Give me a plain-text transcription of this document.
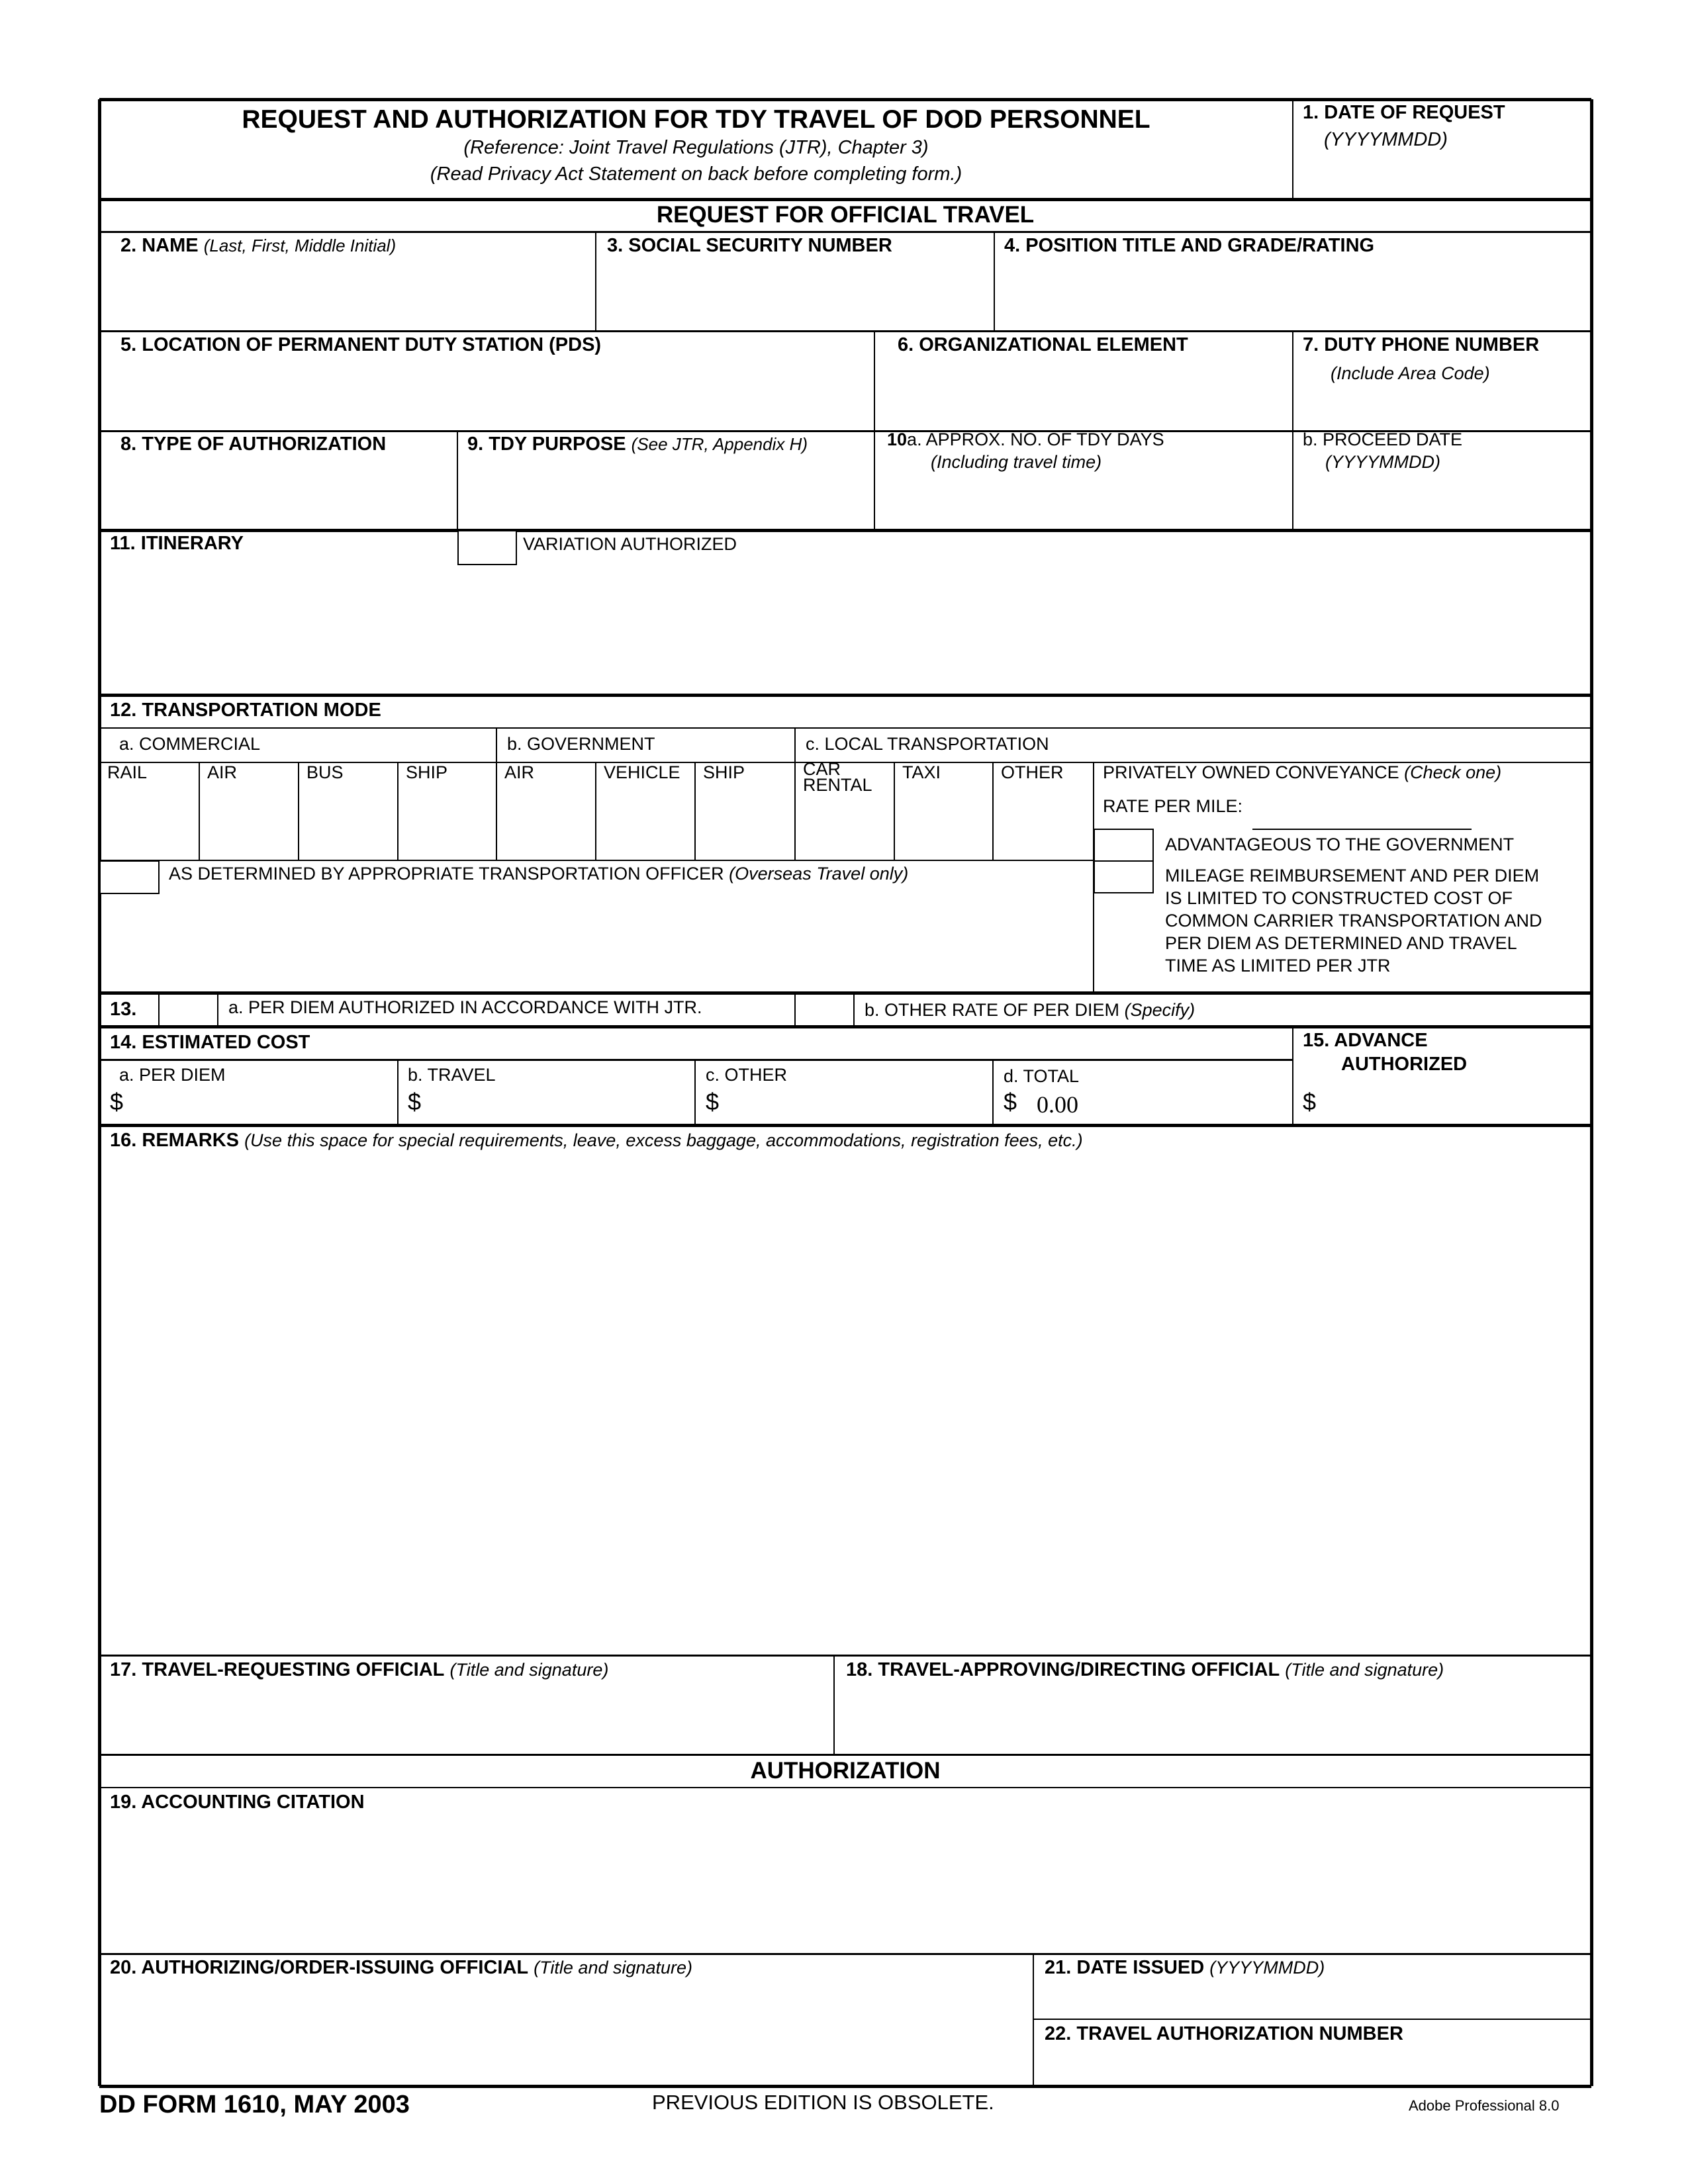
REQUEST AND AUTHORIZATION FOR TDY TRAVEL OF DOD PERSONNEL
(Reference: Joint Travel Regulations (JTR), Chapter 3)
(Read Privacy Act Statement on back before completing form.)
1. DATE OF REQUEST
(YYYYMMDD)
REQUEST FOR OFFICIAL TRAVEL
2. NAME (Last, First, Middle Initial)	3. SOCIAL SECURITY NUMBER	4. POSITION TITLE AND GRADE/RATING
5. LOCATION OF PERMANENT DUTY STATION (PDS)	6. ORGANIZATIONAL ELEMENT	7. DUTY PHONE NUMBER
(Include Area Code)
8. TYPE OF AUTHORIZATION	9. TDY PURPOSE (See JTR, Appendix H)	10a. APPROX. NO. OF TDY DAYS
(Including travel time)
b. PROCEED DATE
(YYYYMMDD)
11. ITINERARY	VARIATION AUTHORIZED
12. TRANSPORTATION MODE
a. COMMERCIAL	b. GOVERNMENT	c. LOCAL TRANSPORTATION
RAIL	AIR	BUS	SHIP	AIR	VEHICLE	SHIP	CAR RENTAL
TAXI	OTHER	PRIVATELY OWNED CONVEYANCE (Check one)
RATE PER MILE:
ADVANTAGEOUS TO THE GOVERNMENT
MILEAGE REIMBURSEMENT AND PER DIEM
IS LIMITED TO CONSTRUCTED COST OF
COMMON CARRIER TRANSPORTATION AND
PER DIEM AS DETERMINED AND TRAVEL
TIME AS LIMITED PER JTR
AS DETERMINED BY APPROPRIATE TRANSPORTATION OFFICER (Overseas Travel only)
13.	a. PER DIEM AUTHORIZED IN ACCORDANCE WITH JTR.	b. OTHER RATE OF PER DIEM (Specify)
14. ESTIMATED COST
a. PER DIEM
$
b. TRAVEL
$
c. OTHER
$
d. TOTAL
$ 0.00
15. ADVANCE
AUTHORIZED
$
16. REMARKS (Use this space for special requirements, leave, excess baggage, accommodations, registration fees, etc.)
17. TRAVEL-REQUESTING OFFICIAL (Title and signature)	18. TRAVEL-APPROVING/DIRECTING OFFICIAL (Title and signature)
AUTHORIZATION
19. ACCOUNTING CITATION
20. AUTHORIZING/ORDER-ISSUING OFFICIAL (Title and signature)	21. DATE ISSUED (YYYYMMDD)
22. TRAVEL AUTHORIZATION NUMBER
DD FORM 1610, MAY 2003	PREVIOUS EDITION IS OBSOLETE.	Adobe Professional 8.0
